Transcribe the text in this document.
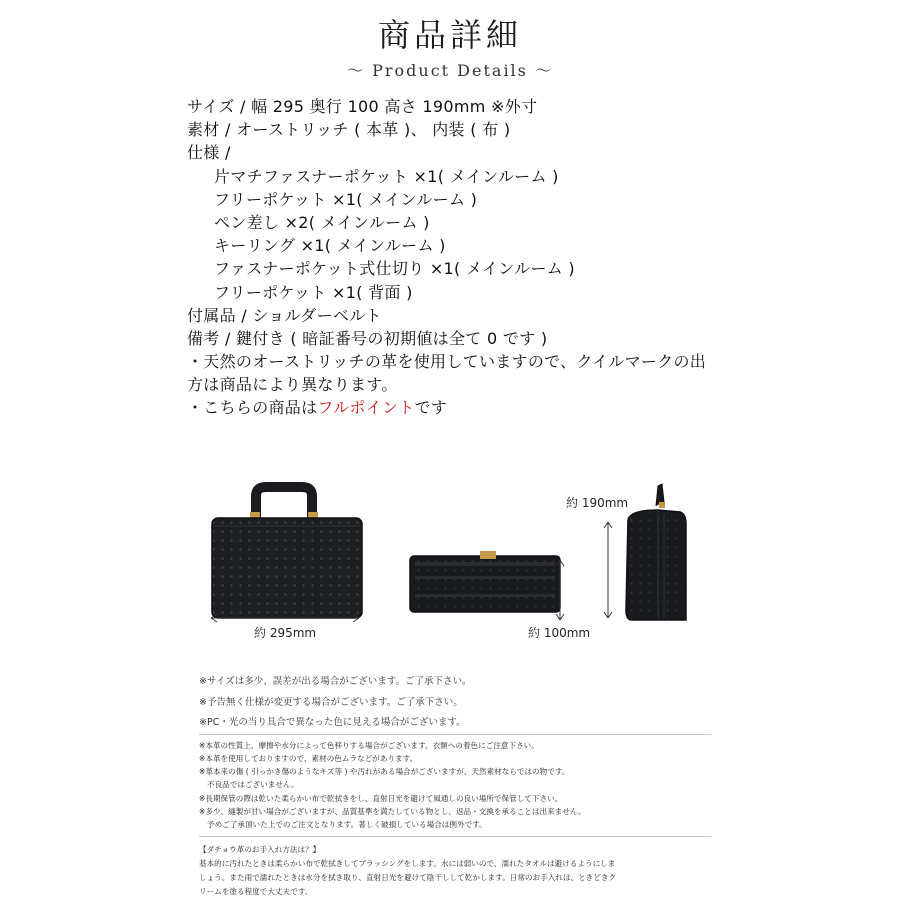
商品詳細
～ Product Details ～
サイズ / 幅 295 奥行 100 高さ 190mm ※外寸
素材 / オーストリッチ ( 本革 )、 内装 ( 布 )
仕様 /
片マチファスナーポケット ×1( メインルーム )
フリーポケット ×1( メインルーム )
ペン差し ×2( メインルーム )
キーリング ×1( メインルーム )
ファスナーポケット式仕切り ×1( メインルーム )
フリーポケット ×1( 背面 )
付属品 / ショルダーベルト
備考 / 鍵付き ( 暗証番号の初期値は全て 0 です )
・天然のオーストリッチの革を使用していますので、クイルマークの出
方は商品により異なります。
・こちらの商品はフルポイントです
約 295mm	約 100mm
約 190mm
※サイズは多少、誤差が出る場合がございます。ご了承下さい。
※予告無く仕様が変更する場合がございます。ご了承下さい。
※PC・光の当り具合で異なった色に見える場合がございます。
※本革の性質上、摩擦や水分によって色移りする場合がございます。衣類への着色にご注意下さい。
※本革を使用しておりますので、素材の色ムラなどがあります。
※革本来の傷 ( 引っかき傷のようなキズ等 ) や汚れがある場合がございますが、天然素材ならではの物です。
不良品ではございません。
※長期保管の際は乾いた柔らかい布で乾拭きをし、直射日光を避けて風通しの良い場所で保管して下さい。
※多少、縫製が甘い場合がございますが、品質基準を満たしている物とし、返品・交換を承ることは出来ません。
予めご了承頂いた上でのご注文となります。著しく破損している場合は例外です。
【ダチョウ革のお手入れ方法は？】
基本的に汚れたときは柔らかい布で乾拭きしてブラッシングをします。水には弱いので、濡れたタオルは避けるようにしま
しょう。また雨で濡れたときは水分を拭き取り、直射日光を避けて陰干しして乾かします。日常のお手入れは、ときどきク
リームを塗る程度で大丈夫です。
